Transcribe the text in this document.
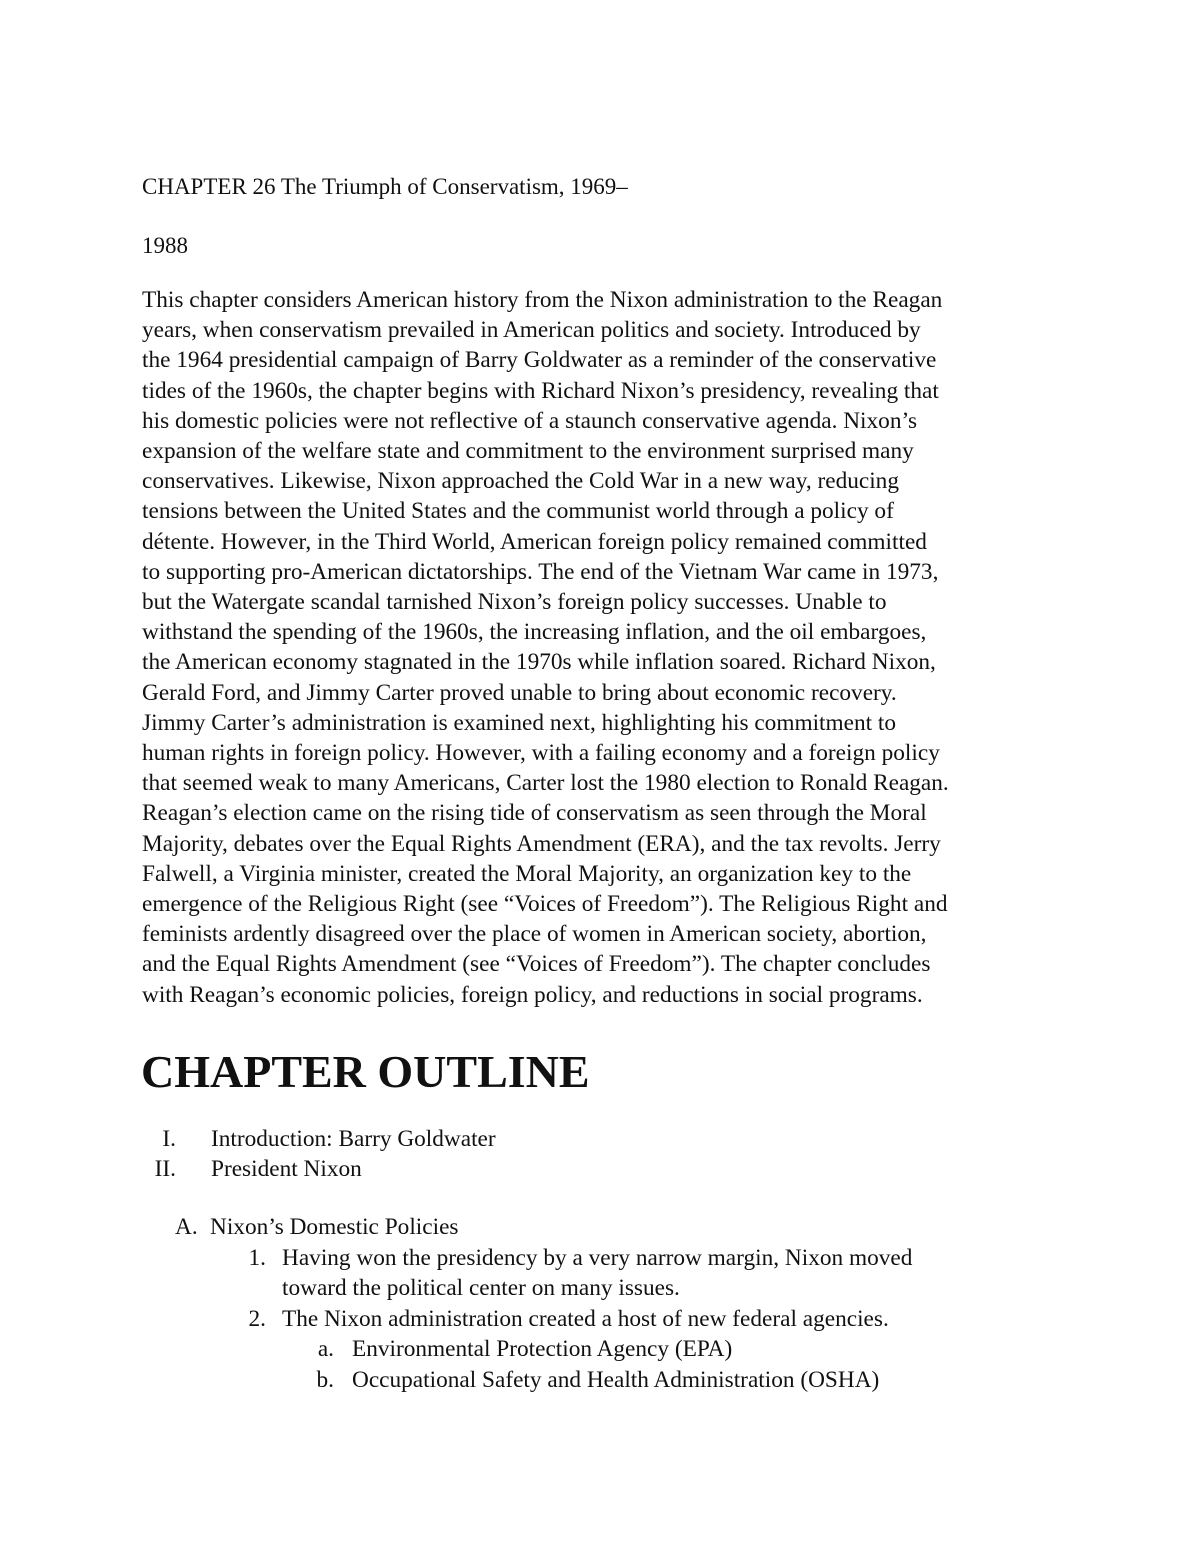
CHAPTER 26 The Triumph of Conservatism, 1969–
1988
This chapter considers American history from the Nixon administration to the Reagan
years, when conservatism prevailed in American politics and society. Introduced by
the 1964 presidential campaign of Barry Goldwater as a reminder of the conservative
tides of the 1960s, the chapter begins with Richard Nixon’s presidency, revealing that
his domestic policies were not reflective of a staunch conservative agenda. Nixon’s
expansion of the welfare state and commitment to the environment surprised many
conservatives. Likewise, Nixon approached the Cold War in a new way, reducing
tensions between the United States and the communist world through a policy of
détente. However, in the Third World, American foreign policy remained committed
to supporting pro-American dictatorships. The end of the Vietnam War came in 1973,
but the Watergate scandal tarnished Nixon’s foreign policy successes. Unable to
withstand the spending of the 1960s, the increasing inflation, and the oil embargoes,
the American economy stagnated in the 1970s while inflation soared. Richard Nixon,
Gerald Ford, and Jimmy Carter proved unable to bring about economic recovery.
Jimmy Carter’s administration is examined next, highlighting his commitment to
human rights in foreign policy. However, with a failing economy and a foreign policy
that seemed weak to many Americans, Carter lost the 1980 election to Ronald Reagan.
Reagan’s election came on the rising tide of conservatism as seen through the Moral
Majority, debates over the Equal Rights Amendment (ERA), and the tax revolts. Jerry
Falwell, a Virginia minister, created the Moral Majority, an organization key to the
emergence of the Religious Right (see “Voices of Freedom”). The Religious Right and
feminists ardently disagreed over the place of women in American society, abortion,
and the Equal Rights Amendment (see “Voices of Freedom”). The chapter concludes
with Reagan’s economic policies, foreign policy, and reductions in social programs.
CHAPTER OUTLINE
I. Introduction: Barry Goldwater
II. President Nixon
A. Nixon’s Domestic Policies
1. Having won the presidency by a very narrow margin, Nixon moved
toward the political center on many issues.
2. The Nixon administration created a host of new federal agencies.
a. Environmental Protection Agency (EPA)
b. Occupational Safety and Health Administration (OSHA)
